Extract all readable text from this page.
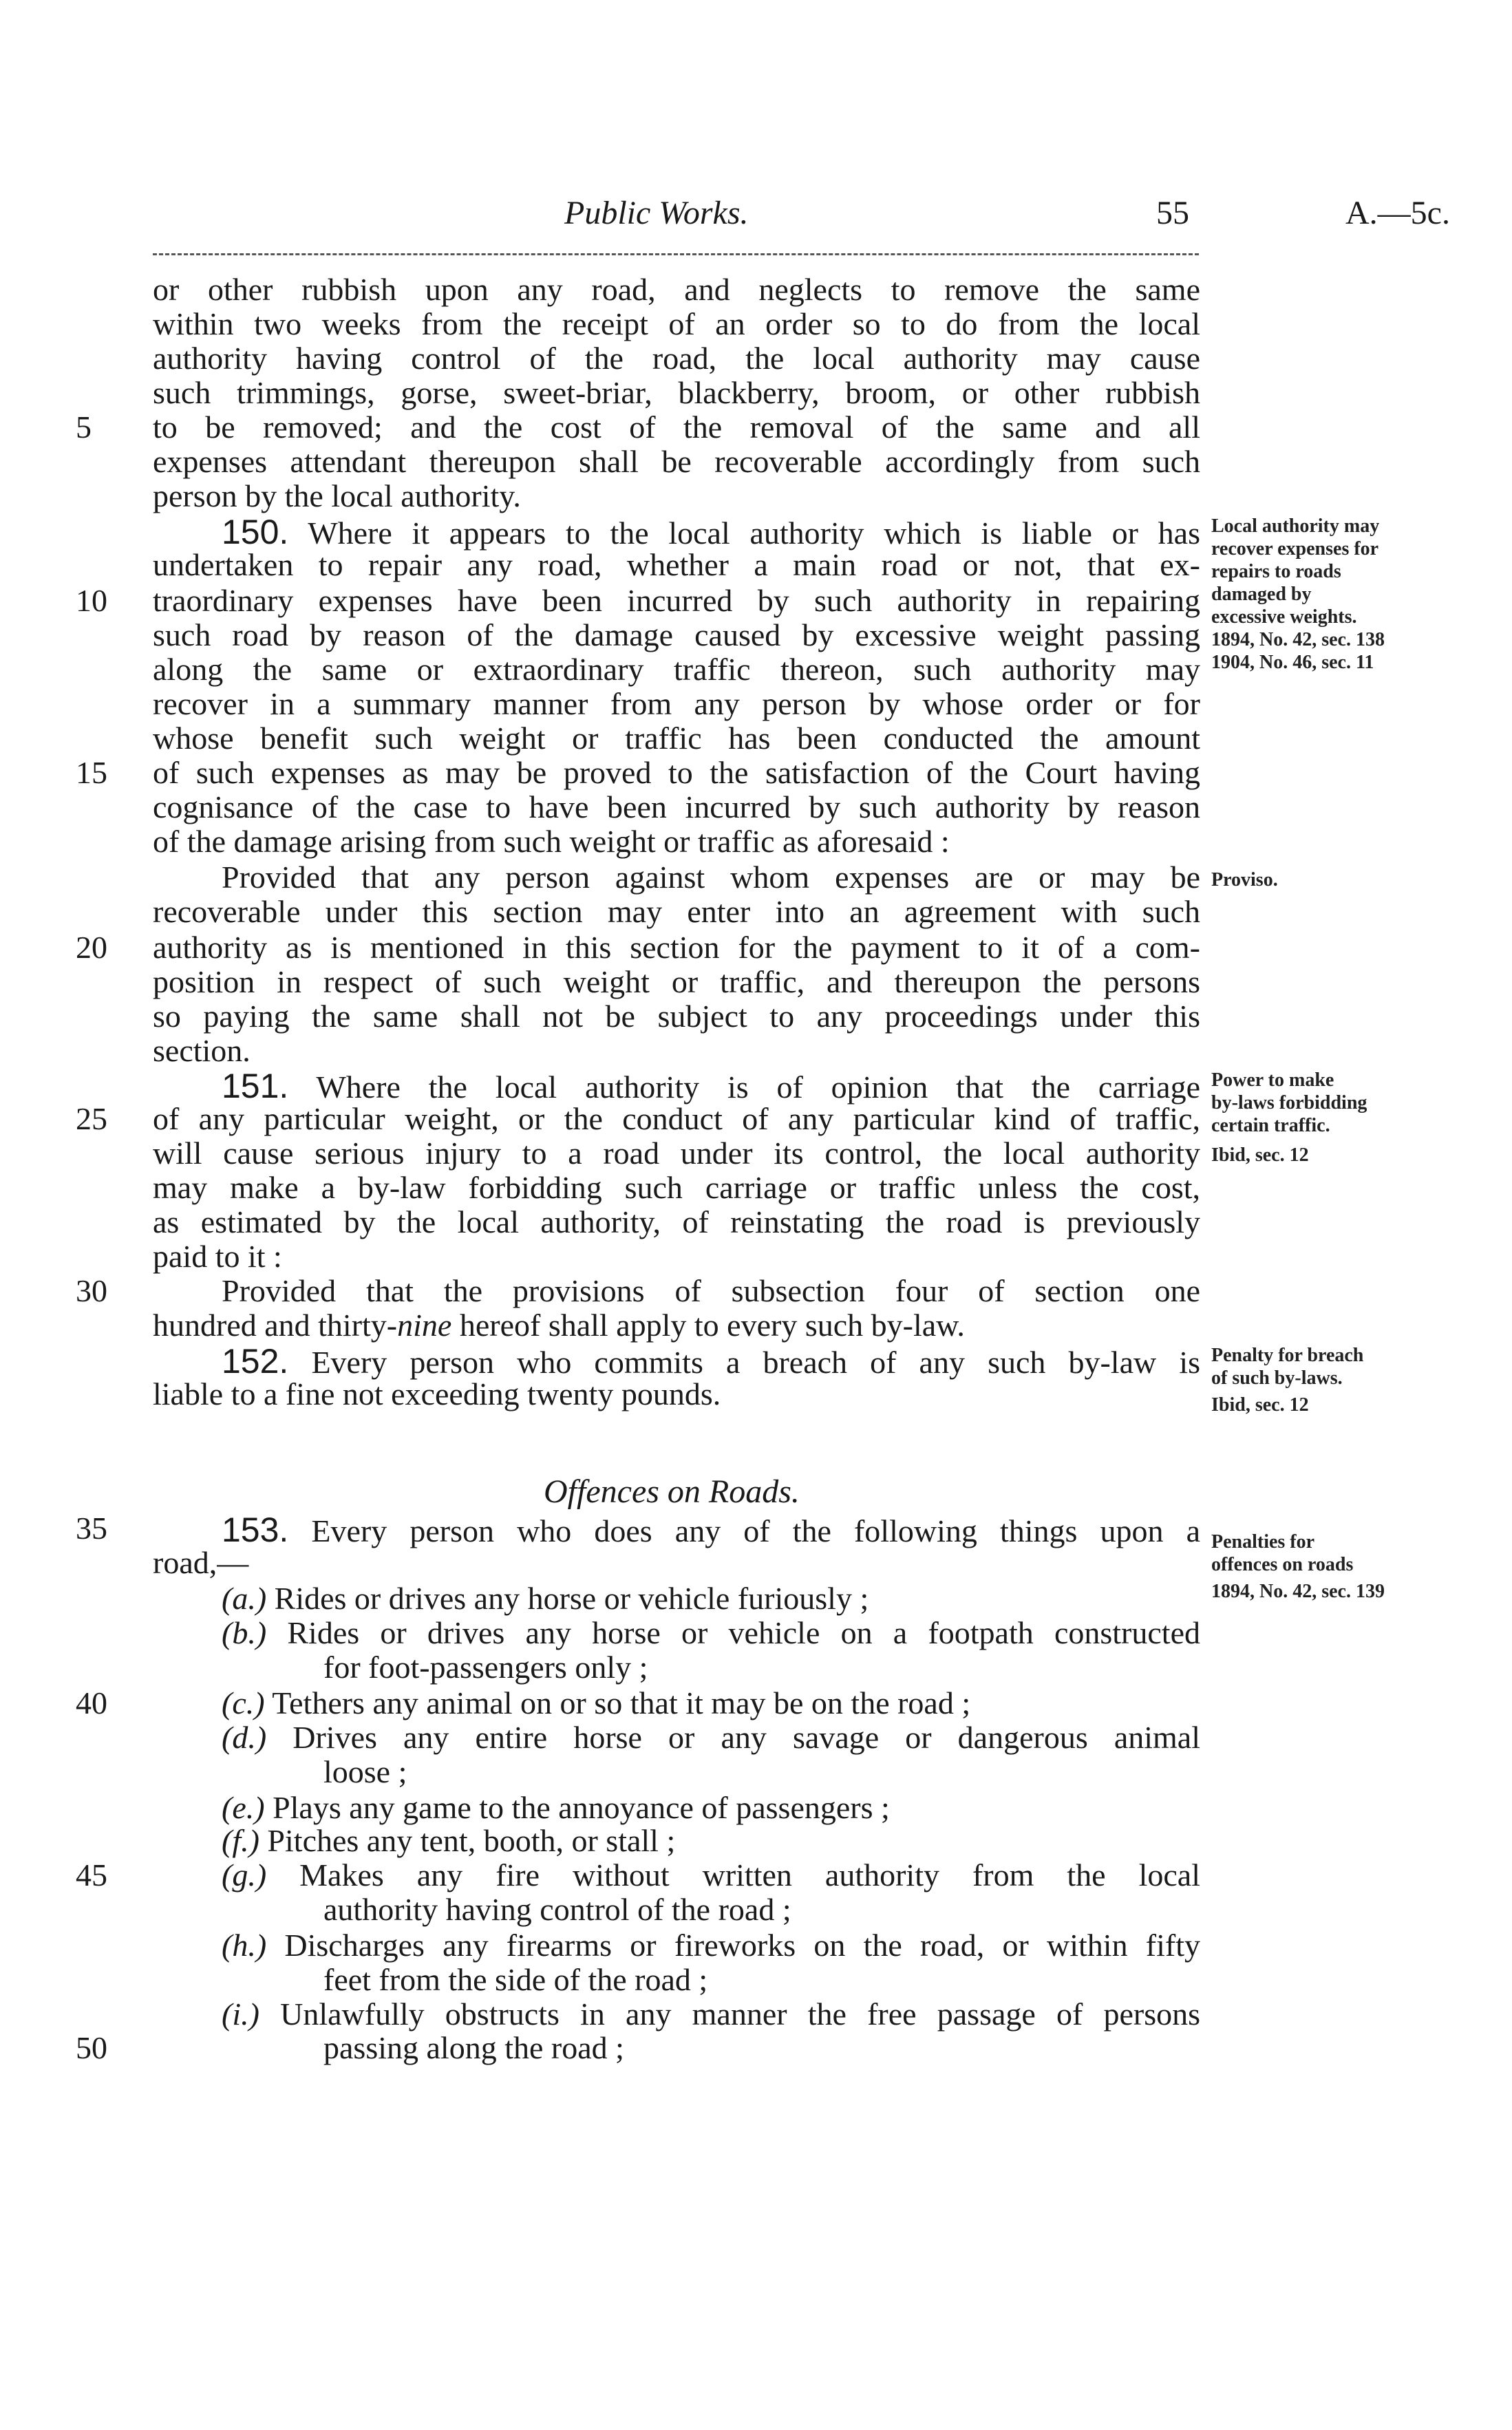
Public Works.	55	A.—5c.
5
10
15
20
25
30
35
40
45
50
or other rubbish upon any road, and neglects to remove the same
within two weeks from the receipt of an order so to do from the local
authority having control of the road, the local authority may cause
such trimmings, gorse, sweet-briar, blackberry, broom, or other rubbish
to be removed; and the cost of the removal of the same and all
expenses attendant thereupon shall be recoverable accordingly from such
person by the local authority.
150. Where it appears to the local authority which is liable or has
undertaken to repair any road, whether a main road or not, that ex-
traordinary expenses have been incurred by such authority in repairing
such road by reason of the damage caused by excessive weight passing
along the same or extraordinary traffic thereon, such authority may
recover in a summary manner from any person by whose order or for
whose benefit such weight or traffic has been conducted the amount
of such expenses as may be proved to the satisfaction of the Court having
cognisance of the case to have been incurred by such authority by reason
of the damage arising from such weight or traffic as aforesaid :
Provided that any person against whom expenses are or may be
recoverable under this section may enter into an agreement with such
authority as is mentioned in this section for the payment to it of a com-
position in respect of such weight or traffic, and thereupon the persons
so paying the same shall not be subject to any proceedings under this
section.
151. Where the local authority is of opinion that the carriage
of any particular weight, or the conduct of any particular kind of traffic,
will cause serious injury to a road under its control, the local authority
may make a by-law forbidding such carriage or traffic unless the cost,
as estimated by the local authority, of reinstating the road is previously
paid to it :
Provided that the provisions of subsection four of section one
hundred and thirty-nine hereof shall apply to every such by-law.
152. Every person who commits a breach of any such by-law is
liable to a fine not exceeding twenty pounds.
Offences on Roads.
153. Every person who does any of the following things upon a
road,—
(a.) Rides or drives any horse or vehicle furiously ;
(b.) Rides or drives any horse or vehicle on a footpath constructed
for foot-passengers only ;
(c.) Tethers any animal on or so that it may be on the road ;
(d.) Drives any entire horse or any savage or dangerous animal
loose ;
(e.) Plays any game to the annoyance of passengers ;
(f.) Pitches any tent, booth, or stall ;
(g.) Makes any fire without written authority from the local
authority having control of the road ;
(h.) Discharges any firearms or fireworks on the road, or within fifty
feet from the side of the road ;
(i.) Unlawfully obstructs in any manner the free passage of persons
passing along the road ;
Local authority may
recover expenses for
repairs to roads
damaged by
excessive weights.
1894, No. 42, sec. 138
1904, No. 46, sec. 11
Proviso.
Power to make
by-laws forbidding
certain traffic.
Ibid, sec. 12
Penalty for breach
of such by-laws.
Ibid, sec. 12
Penalties for
offences on roads
1894, No. 42, sec. 139
